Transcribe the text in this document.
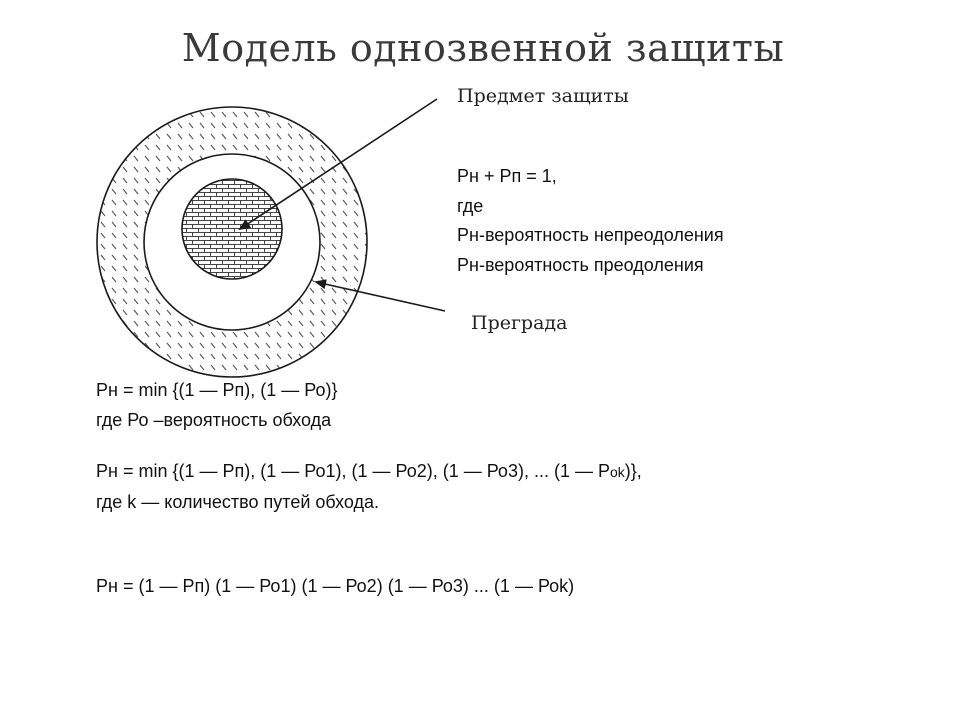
Модель однозвенной защиты
Предмет защиты
Преграда
Рн + Рп = 1,
где
Рн-вероятность непреодоления
Рн-вероятность преодоления
Рн = min {(1 — Рп), (1 — Ро)}
где Ро –вероятность обхода
Рн = min {(1 — Рп), (1 — Ро1), (1 — Ро2), (1 — Ро3), ... (1 — Роk)},
где k — количество путей обхода.
Рн = (1 — Рп) (1 — Ро1) (1 — Ро2) (1 — Ро3) ... (1 — Роk)
